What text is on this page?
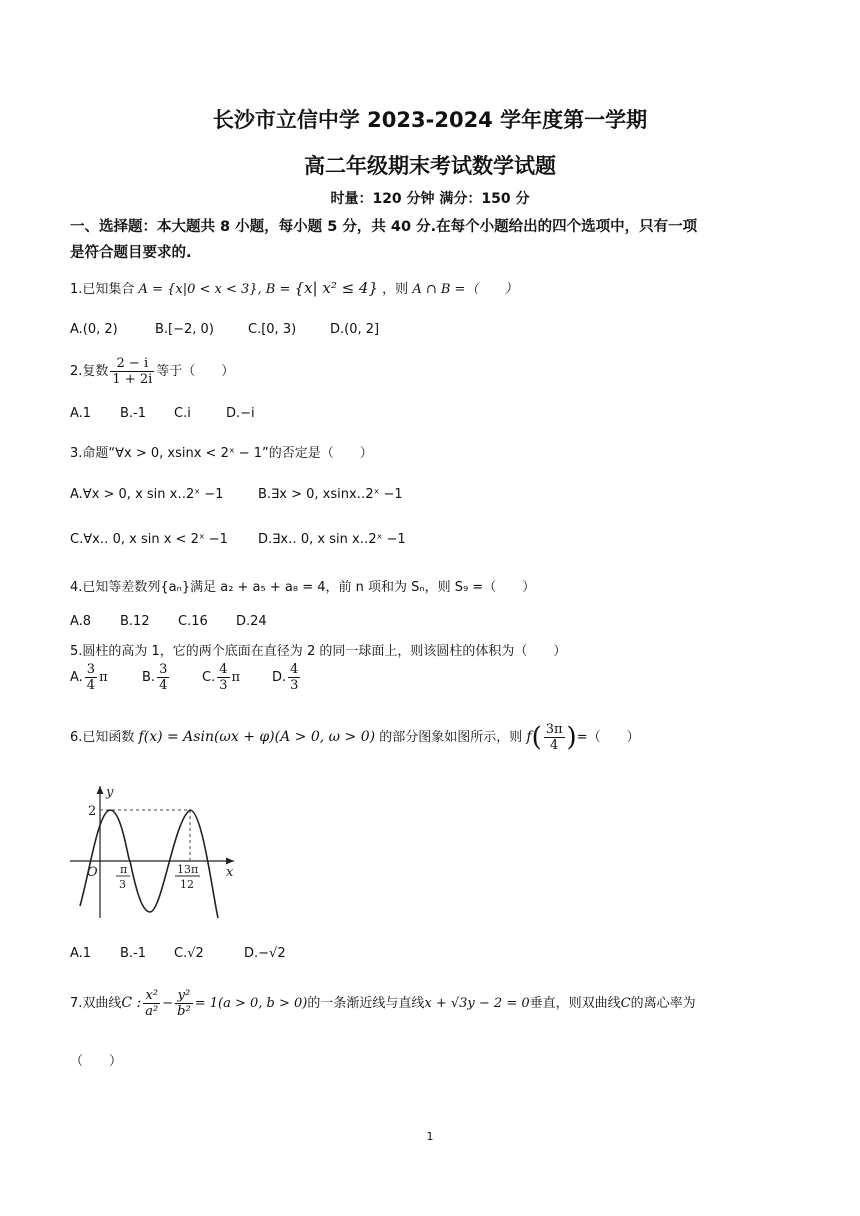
长沙市立信中学 2023-2024 学年度第一学期
高二年级期末考试数学试题
时量：120 分钟 满分：150 分
一、选择题：本大题共 8 小题，每小题 5 分，共 40 分.在每个小题给出的四个选项中，只有一项
是符合题目要求的.
1.已知集合 A = {x|0 < x < 3}, B = {x| x² ≤ 4} ，则 A ∩ B =（　　）
A.(0, 2)	B.[−2, 0)	C.[0, 3)	D.(0, 2]
2.复数 $\frac{2 - i}{1 + 2i}$ 等于（　　）
A.1 B.-1 C.i	D.−i
3.命题“∀x > 0, xsinx < 2ˣ − 1”的否定是（　　）
A.∀x > 0, x sin x‥2ˣ −1	B.∃x > 0, xsinx‥2ˣ −1
C.∀x‥ 0, x sin x < 2ˣ −1 D.∃x‥ 0, x sin x‥2ˣ −1
4.已知等差数列{aₙ}满足 a₂ + a₅ + a₈ = 4，前 n 项和为 Sₙ，则 S₉ =（　　）
A.8 B.12 C.16 D.24
5.圆柱的高为 1，它的两个底面在直径为 2 的同一球面上，则该圆柱的体积为（　　）
A. $\frac{3}{4}$ π	B. $\frac{3}{4}$	C. $\frac{4}{3}$ π D. $\frac{4}{3}$
6.已知函数 f(x) = Asin(ωx + φ)(A > 0, ω > 0) 的部分图象如图所示，则 $f( \frac{3\pi}{4}$ )=（　　）
y
x
2
O π
3
13π
12
A.1 B.-1 C.√2	D.−√2
7.双曲线C : $\frac{\text{x²}}{\text{a²}} - \frac{\text{y²}}{\text{b²}} = 1(a > 0$, b > 0)的一条渐近线与直线x + √3y − 2 = 0垂直，则双曲线C的离心率为
（　　）
1
